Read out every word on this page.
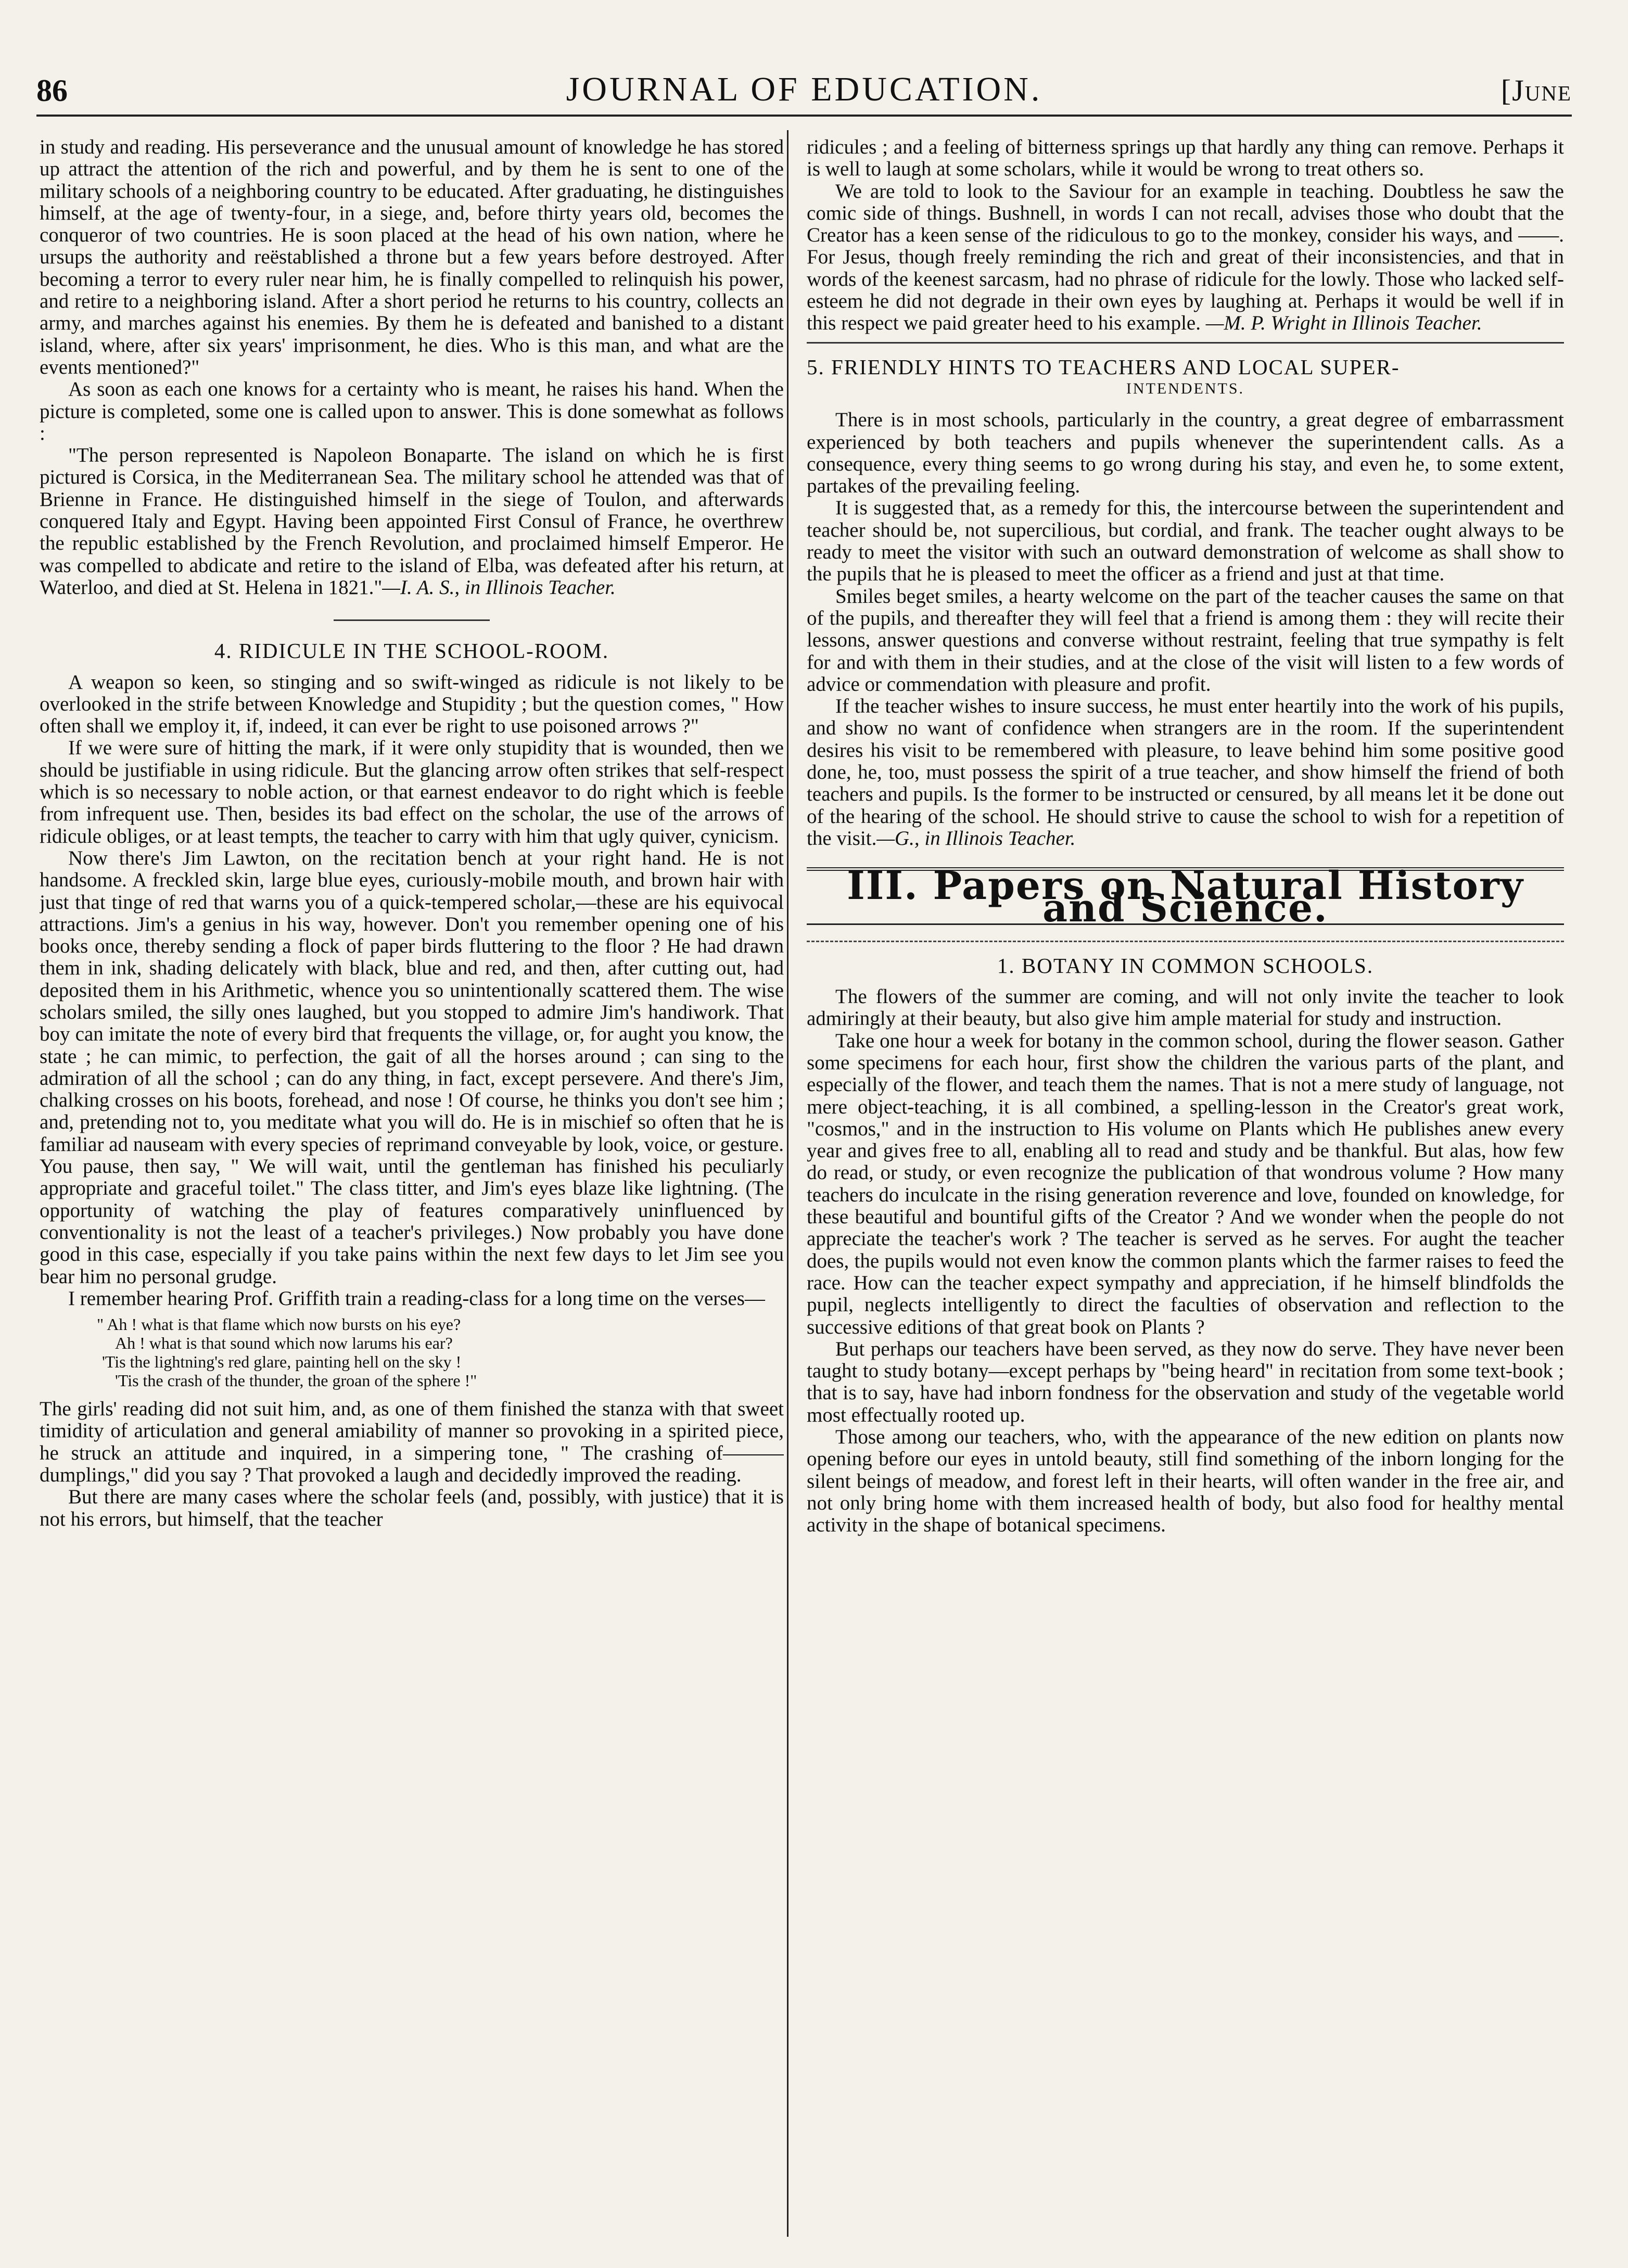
86	JOURNAL OF EDUCATION.	[June

in study and reading. His perseverance and the unusual amount of knowledge he has stored up attract the attention of the rich and powerful, and by them he is sent to one of the military schools of a neighboring country to be educated. After graduating, he distinguishes himself, at the age of twenty-four, in a siege, and, before thirty years old, becomes the conqueror of two countries. He is soon placed at the head of his own nation, where he ursups the authority and reëstablished a throne but a few years before destroyed. After becoming a terror to every ruler near him, he is finally compelled to relinquish his power, and retire to a neighboring island. After a short period he returns to his country, collects an army, and marches against his enemies. By them he is defeated and banished to a distant island, where, after six years' imprisonment, he dies. Who is this man, and what are the events mentioned?"

As soon as each one knows for a certainty who is meant, he raises his hand. When the picture is completed, some one is called upon to answer. This is done somewhat as follows :

"The person represented is Napoleon Bonaparte. The island on which he is first pictured is Corsica, in the Mediterranean Sea. The military school he attended was that of Brienne in France. He distinguished himself in the siege of Toulon, and afterwards conquered Italy and Egypt. Having been appointed First Consul of France, he overthrew the republic established by the French Revolution, and proclaimed himself Emperor. He was compelled to abdicate and retire to the island of Elba, was defeated after his return, at Waterloo, and died at St. Helena in 1821."—I. A. S., in Illinois Teacher.

4. RIDICULE IN THE SCHOOL-ROOM.

A weapon so keen, so stinging and so swift-winged as ridicule is not likely to be overlooked in the strife between Knowledge and Stupidity ; but the question comes, " How often shall we employ it, if, indeed, it can ever be right to use poisoned arrows ?"

If we were sure of hitting the mark, if it were only stupidity that is wounded, then we should be justifiable in using ridicule. But the glancing arrow often strikes that self-respect which is so necessary to noble action, or that earnest endeavor to do right which is feeble from infrequent use. Then, besides its bad effect on the scholar, the use of the arrows of ridicule obliges, or at least tempts, the teacher to carry with him that ugly quiver, cynicism.

Now there's Jim Lawton, on the recitation bench at your right hand. He is not handsome. A freckled skin, large blue eyes, curiously-mobile mouth, and brown hair with just that tinge of red that warns you of a quick-tempered scholar,—these are his equivocal attractions. Jim's a genius in his way, however. Don't you remember opening one of his books once, thereby sending a flock of paper birds fluttering to the floor ? He had drawn them in ink, shading delicately with black, blue and red, and then, after cutting out, had deposited them in his Arithmetic, whence you so unintentionally scattered them. The wise scholars smiled, the silly ones laughed, but you stopped to admire Jim's handiwork. That boy can imitate the note of every bird that frequents the village, or, for aught you know, the state ; he can mimic, to perfection, the gait of all the horses around ; can sing to the admiration of all the school ; can do any thing, in fact, except persevere. And there's Jim, chalking crosses on his boots, forehead, and nose ! Of course, he thinks you don't see him ; and, pretending not to, you meditate what you will do. He is in mischief so often that he is familiar ad nauseam with every species of reprimand conveyable by look, voice, or gesture. You pause, then say, " We will wait, until the gentleman has finished his peculiarly appropriate and graceful toilet." The class titter, and Jim's eyes blaze like lightning. (The opportunity of watching the play of features comparatively uninfluenced by conventionality is not the least of a teacher's privileges.) Now probably you have done good in this case, especially if you take pains within the next few days to let Jim see you bear him no personal grudge.

I remember hearing Prof. Griffith train a reading-class for a long time on the verses—

" Ah ! what is that flame which now bursts on his eye?
Ah ! what is that sound which now larums his ear?
'Tis the lightning's red glare, painting hell on the sky !
'Tis the crash of the thunder, the groan of the sphere !"

The girls' reading did not suit him, and, as one of them finished the stanza with that sweet timidity of articulation and general amiability of manner so provoking in a spirited piece, he struck an attitude and inquired, in a simpering tone, " The crashing of——— dumplings," did you say ? That provoked a laugh and decidedly improved the reading.

But there are many cases where the scholar feels (and, possibly, with justice) that it is not his errors, but himself, that the teacher

ridicules ; and a feeling of bitterness springs up that hardly any thing can remove. Perhaps it is well to laugh at some scholars, while it would be wrong to treat others so.

We are told to look to the Saviour for an example in teaching. Doubtless he saw the comic side of things. Bushnell, in words I can not recall, advises those who doubt that the Creator has a keen sense of the ridiculous to go to the monkey, consider his ways, and ——. For Jesus, though freely reminding the rich and great of their inconsistencies, and that in words of the keenest sarcasm, had no phrase of ridicule for the lowly. Those who lacked self-esteem he did not degrade in their own eyes by laughing at. Perhaps it would be well if in this respect we paid greater heed to his example. —M. P. Wright in Illinois Teacher.

5. FRIENDLY HINTS TO TEACHERS AND LOCAL SUPER-
INTENDENTS.

There is in most schools, particularly in the country, a great degree of embarrassment experienced by both teachers and pupils whenever the superintendent calls. As a consequence, every thing seems to go wrong during his stay, and even he, to some extent, partakes of the prevailing feeling.

It is suggested that, as a remedy for this, the intercourse between the superintendent and teacher should be, not supercilious, but cordial, and frank. The teacher ought always to be ready to meet the visitor with such an outward demonstration of welcome as shall show to the pupils that he is pleased to meet the officer as a friend and just at that time.

Smiles beget smiles, a hearty welcome on the part of the teacher causes the same on that of the pupils, and thereafter they will feel that a friend is among them : they will recite their lessons, answer questions and converse without restraint, feeling that true sympathy is felt for and with them in their studies, and at the close of the visit will listen to a few words of advice or commendation with pleasure and profit.

If the teacher wishes to insure success, he must enter heartily into the work of his pupils, and show no want of confidence when strangers are in the room. If the superintendent desires his visit to be remembered with pleasure, to leave behind him some positive good done, he, too, must possess the spirit of a true teacher, and show himself the friend of both teachers and pupils. Is the former to be instructed or censured, by all means let it be done out of the hearing of the school. He should strive to cause the school to wish for a repetition of the visit.—G., in Illinois Teacher.

III. Papers on Natural History and Science.
1. BOTANY IN COMMON SCHOOLS.

The flowers of the summer are coming, and will not only invite the teacher to look admiringly at their beauty, but also give him ample material for study and instruction.

Take one hour a week for botany in the common school, during the flower season. Gather some specimens for each hour, first show the children the various parts of the plant, and especially of the flower, and teach them the names. That is not a mere study of language, not mere object-teaching, it is all combined, a spelling-lesson in the Creator's great work, "cosmos," and in the instruction to His volume on Plants which He publishes anew every year and gives free to all, enabling all to read and study and be thankful. But alas, how few do read, or study, or even recognize the publication of that wondrous volume ? How many teachers do inculcate in the rising generation reverence and love, founded on knowledge, for these beautiful and bountiful gifts of the Creator ? And we wonder when the people do not appreciate the teacher's work ? The teacher is served as he serves. For aught the teacher does, the pupils would not even know the common plants which the farmer raises to feed the race. How can the teacher expect sympathy and appreciation, if he himself blindfolds the pupil, neglects intelligently to direct the faculties of observation and reflection to the successive editions of that great book on Plants ?

But perhaps our teachers have been served, as they now do serve. They have never been taught to study botany—except perhaps by "being heard" in recitation from some text-book ; that is to say, have had inborn fondness for the observation and study of the vegetable world most effectually rooted up.

Those among our teachers, who, with the appearance of the new edition on plants now opening before our eyes in untold beauty, still find something of the inborn longing for the silent beings of meadow, and forest left in their hearts, will often wander in the free air, and not only bring home with them increased health of body, but also food for healthy mental activity in the shape of botanical specimens.
